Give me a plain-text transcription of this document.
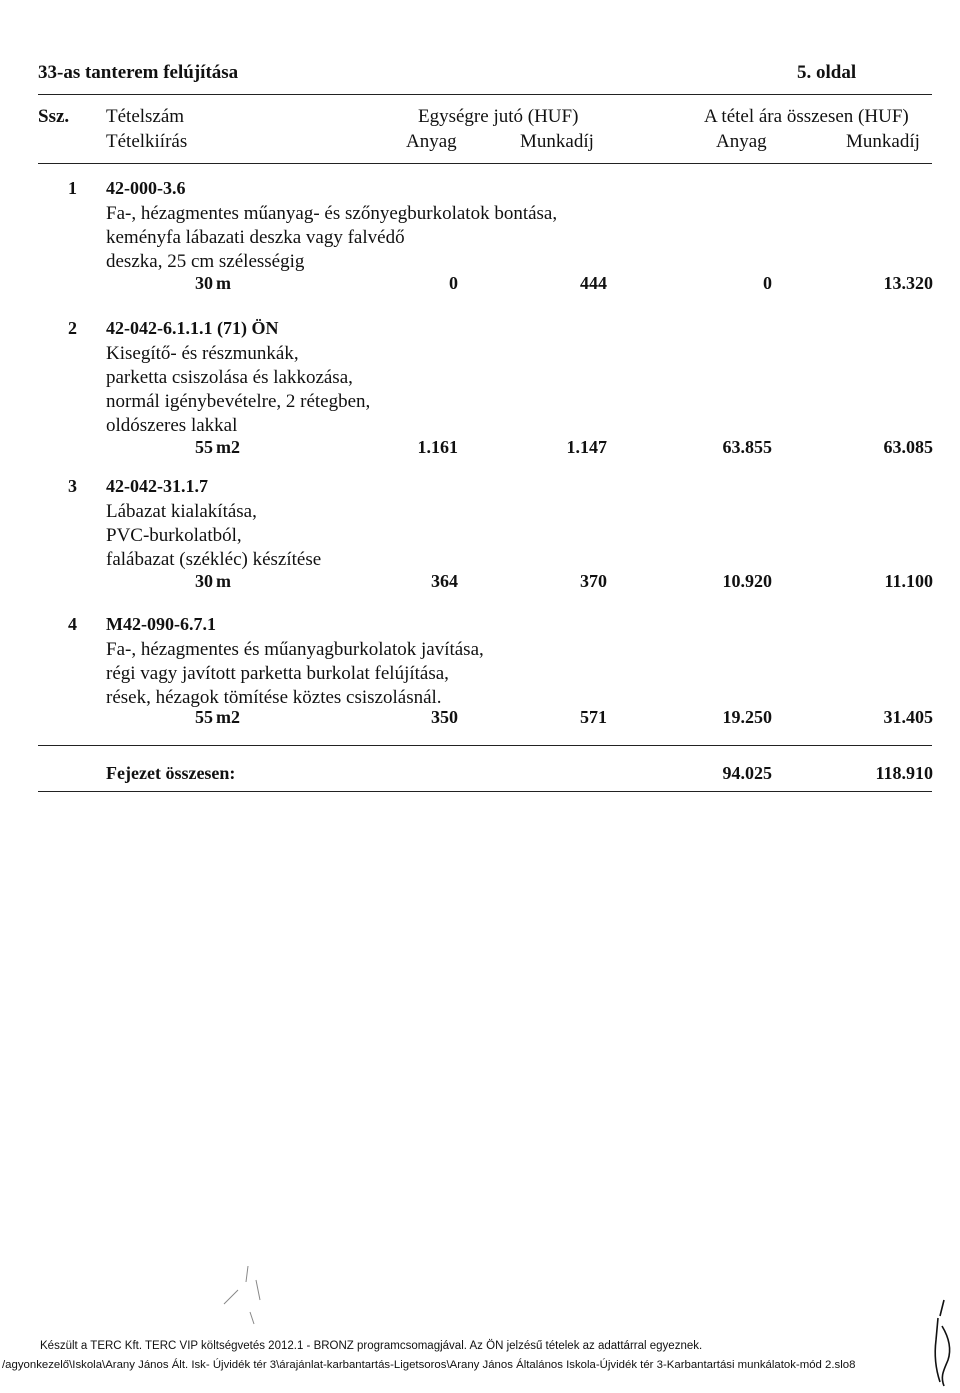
33-as tanterem felújítása	5. oldal
Ssz. Tételszám
Tételkiírás
Egységre jutó (HUF)	A tétel ára összesen (HUF)
Anyag	Munkadíj	Anyag	Munkadíj
1 42-000-3.6
Fa-, hézagmentes műanyag- és szőnyegburkolatok bontása,
keményfa lábazati deszka vagy falvédő
deszka, 25 cm szélességig
30 m	0	444	0	13.320
2 42-042-6.1.1.1 (71) ÖN
Kisegítő- és részmunkák,
parketta csiszolása és lakkozása,
normál igénybevételre, 2 rétegben,
oldószeres lakkal
55 m2	1.161	1.147	63.855	63.085
3 42-042-31.1.7
Lábazat kialakítása,
PVC-burkolatból,
falábazat (székléc) készítése
30 m	364	370	10.920	11.100
4 M42-090-6.7.1
Fa-, hézagmentes és műanyagburkolatok javítása,
régi vagy javított parketta burkolat felújítása,
rések, hézagok tömítése köztes csiszolásnál.
55 m2	350	571	19.250	31.405
Fejezet összesen:	94.025	118.910
Készült a TERC Kft. TERC VIP költségvetés 2012.1 - BRONZ programcsomagjával. Az ÖN jelzésű tételek az adattárral egyeznek.
/agyonkezelő\Iskola\Arany János Ált. Isk- Újvidék tér 3\árajánlat-karbantartás-Ligetsoros\Arany János Általános Iskola-Újvidék tér 3-Karbantartási munkálatok-mód 2.slo8
